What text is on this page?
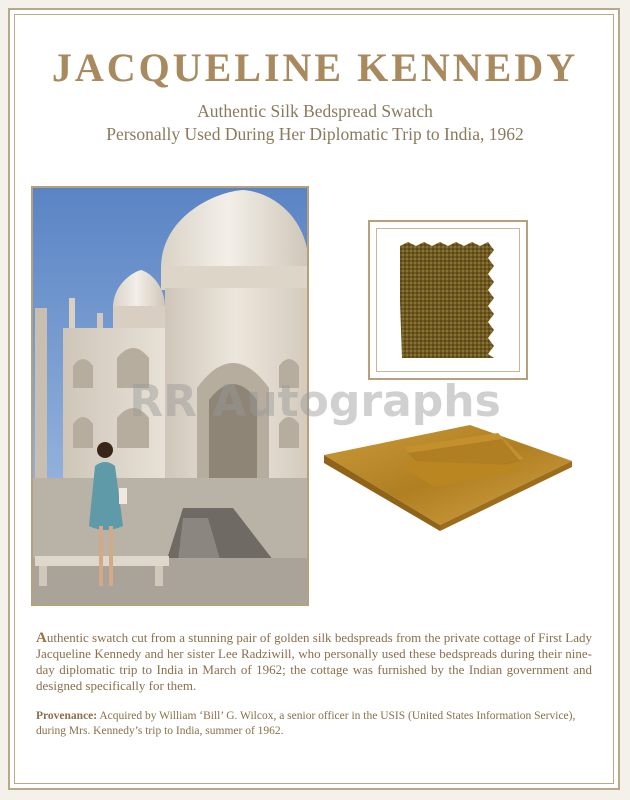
JACQUELINE KENNEDY
Authentic Silk Bedspread Swatch
Personally Used During Her Diplomatic Trip to India, 1962
RR Autographs
Authentic swatch cut from a stunning pair of golden silk bedspreads from the private cottage of First Lady Jacqueline Kennedy and her sister Lee Radziwill, who personally used these bedspreads during their nine-day diplomatic trip to India in March of 1962; the cottage was furnished by the Indian government and designed specifically for them.
Provenance: Acquired by William ‘Bill’ G. Wilcox, a senior officer in the USIS (United States Information Service), during Mrs. Kennedy’s trip to India, summer of 1962.
